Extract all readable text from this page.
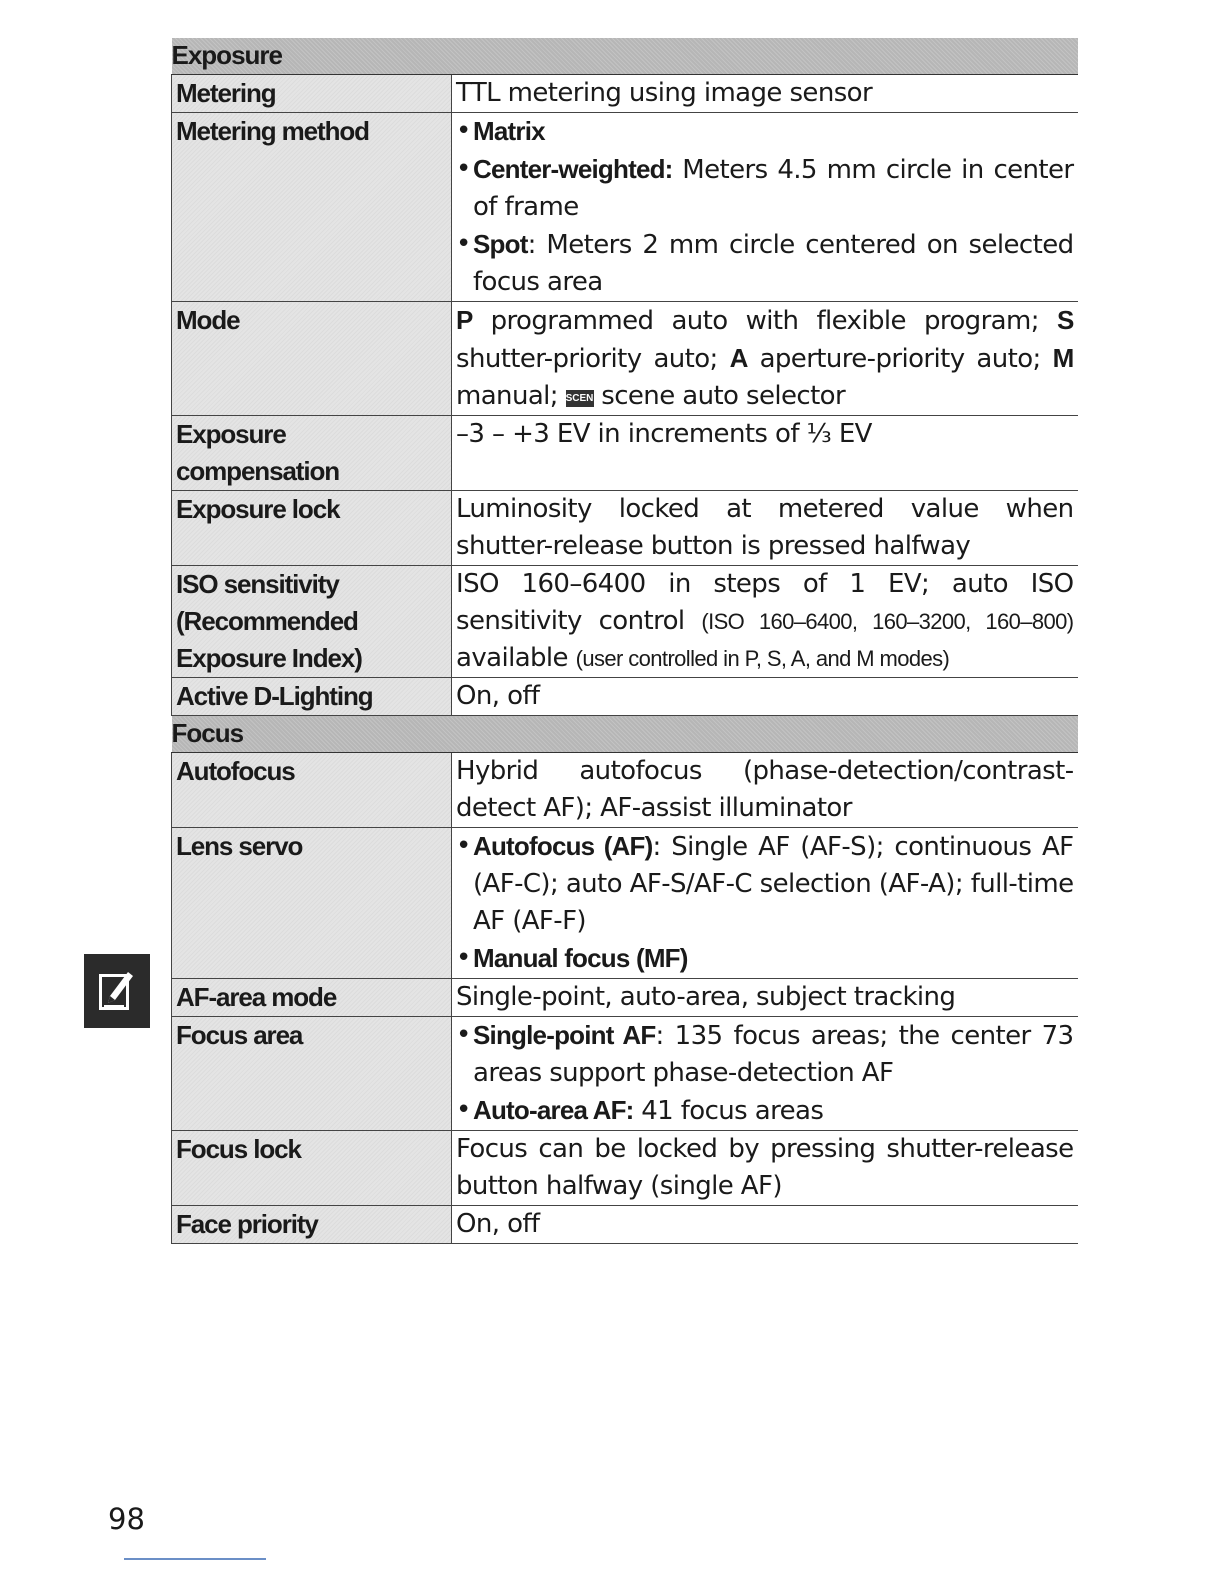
Exposure	
Metering	TTL metering using image sensor
Metering method	• Matrix
• Center-weighted: Meters 4.5 mm circle in center of frame
• Spot: Meters 2 mm circle centered on selected focus area

Mode	P programmed auto with flexible program; S shutter-priority auto; A aperture-priority auto; M manual; SCENE scene auto selector
Exposure compensation	–3 – +3 EV in increments of ⅓ EV
Exposure lock	Luminosity locked at metered value when shutter-release button is pressed halfway
ISO sensitivity (Recommended Exposure Index)	ISO 160–6400 in steps of 1 EV; auto ISO sensitivity control (ISO 160–6400, 160–3200, 160–800) available (user controlled in P, S, A, and M modes)
Active D-Lighting	On, off
Focus	
Autofocus	Hybrid autofocus (phase-detection/contrast-detect AF); AF-assist illuminator
Lens servo	• Autofocus (AF): Single AF (AF-S); continuous AF (AF-C); auto AF-S/AF-C selection (AF-A); full-time AF (AF-F)
• Manual focus (MF)

AF-area mode	Single-point, auto-area, subject tracking
Focus area	• Single-point AF: 135 focus areas; the center 73 areas support phase-detection AF
• Auto-area AF: 41 focus areas

Focus lock	Focus can be locked by pressing shutter-release button halfway (single AF)
Face priority	On, off
98
